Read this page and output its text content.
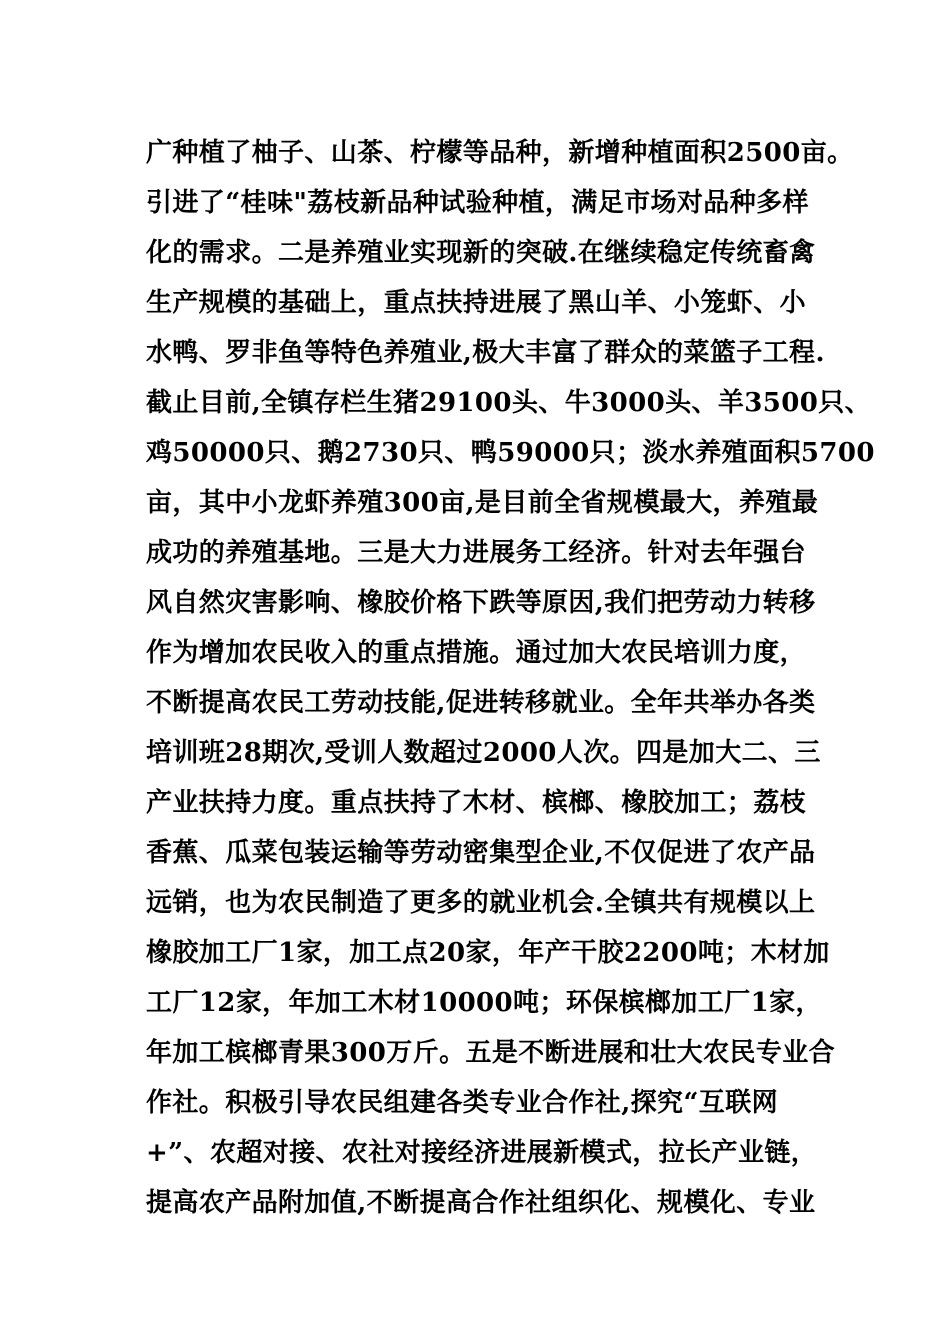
广种植了柚子、山茶、柠檬等品种，新增种植面积2500亩。
引进了“桂味"荔枝新品种试验种植，满足市场对品种多样
化的需求。二是养殖业实现新的突破.在继续稳定传统畜禽
生产规模的基础上，重点扶持进展了黑山羊、小笼虾、小
水鸭、罗非鱼等特色养殖业,极大丰富了群众的菜篮子工程.
截止目前,全镇存栏生猪29100头、牛3000头、羊3500只、
鸡50000只、鹅2730只、鸭59000只；淡水养殖面积5700
亩，其中小龙虾养殖300亩,是目前全省规模最大，养殖最
成功的养殖基地。三是大力进展务工经济。针对去年强台
风自然灾害影响、橡胶价格下跌等原因,我们把劳动力转移
作为增加农民收入的重点措施。通过加大农民培训力度，
不断提高农民工劳动技能,促进转移就业。全年共举办各类
培训班28期次,受训人数超过2000人次。四是加大二、三
产业扶持力度。重点扶持了木材、槟榔、橡胶加工；荔枝
香蕉、瓜菜包装运输等劳动密集型企业,不仅促进了农产品
远销，也为农民制造了更多的就业机会.全镇共有规模以上
橡胶加工厂1家，加工点20家，年产干胶2200吨；木材加
工厂12家，年加工木材10000吨；环保槟榔加工厂1家，
年加工槟榔青果300万斤。五是不断进展和壮大农民专业合
作社。积极引导农民组建各类专业合作社,探究“互联网
+”、农超对接、农社对接经济进展新模式，拉长产业链，
提高农产品附加值,不断提高合作社组织化、规模化、专业
